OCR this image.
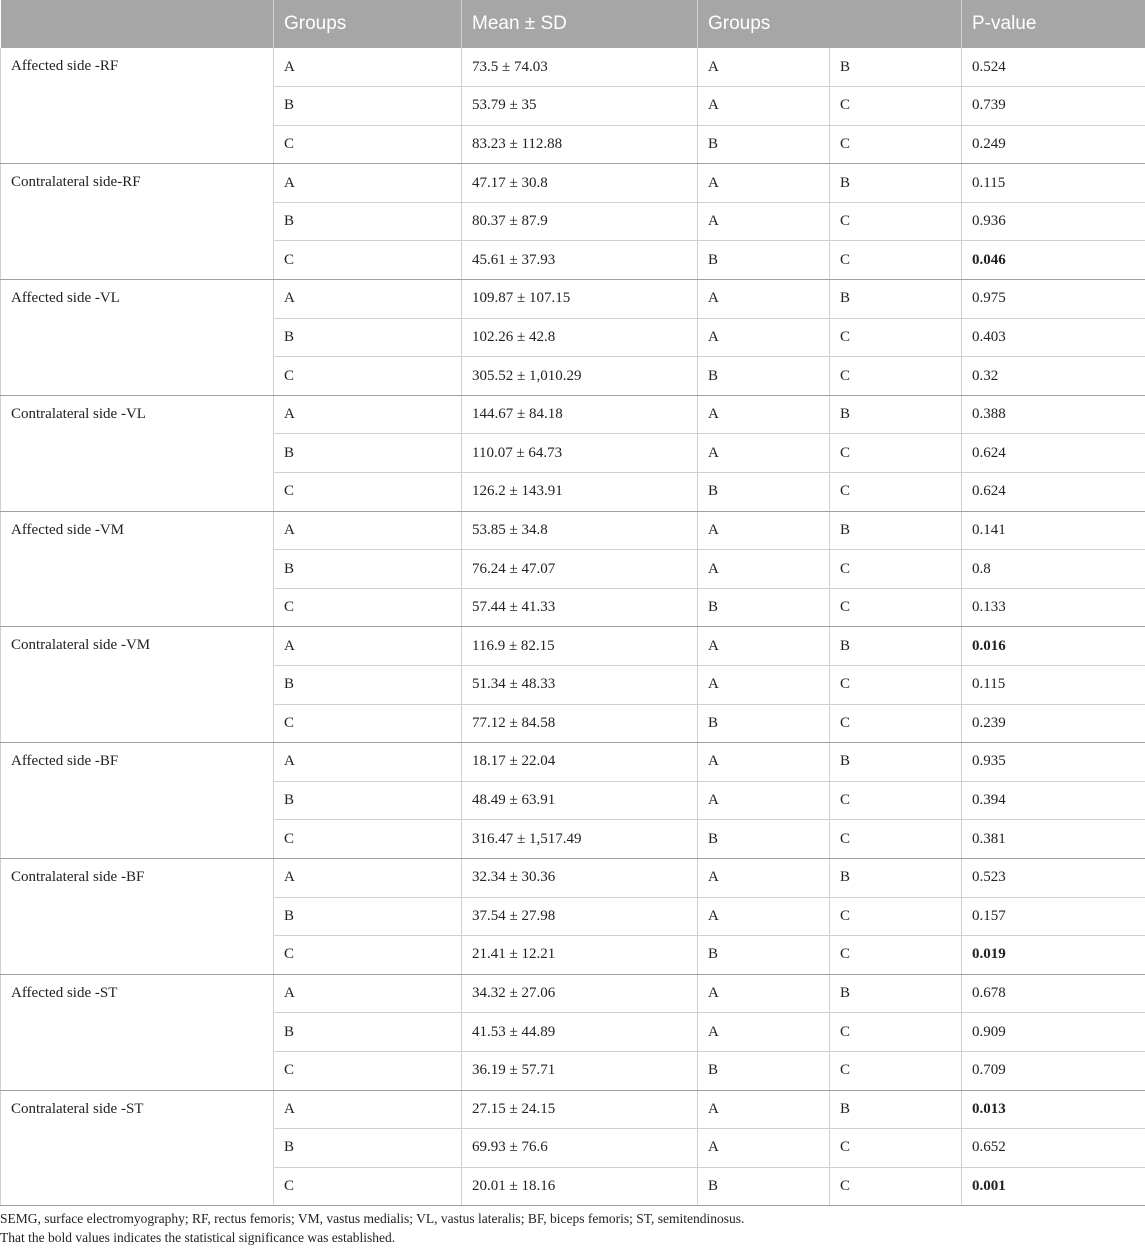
	Groups	Mean ± SD	Groups		P-value
Affected side -RF	A	73.5 ± 74.03	A	B	0.524
	B	53.79 ± 35	A	C	0.739
	C	83.23 ± 112.88	B	C	0.249
Contralateral side-RF	A	47.17 ± 30.8	A	B	0.115
	B	80.37 ± 87.9	A	C	0.936
	C	45.61 ± 37.93	B	C	0.046
Affected side -VL	A	109.87 ± 107.15	A	B	0.975
	B	102.26 ± 42.8	A	C	0.403
	C	305.52 ± 1,010.29	B	C	0.32
Contralateral side -VL	A	144.67 ± 84.18	A	B	0.388
	B	110.07 ± 64.73	A	C	0.624
	C	126.2 ± 143.91	B	C	0.624
Affected side -VM	A	53.85 ± 34.8	A	B	0.141
	B	76.24 ± 47.07	A	C	0.8
	C	57.44 ± 41.33	B	C	0.133
Contralateral side -VM	A	116.9 ± 82.15	A	B	0.016
	B	51.34 ± 48.33	A	C	0.115
	C	77.12 ± 84.58	B	C	0.239
Affected side -BF	A	18.17 ± 22.04	A	B	0.935
	B	48.49 ± 63.91	A	C	0.394
	C	316.47 ± 1,517.49	B	C	0.381
Contralateral side -BF	A	32.34 ± 30.36	A	B	0.523
	B	37.54 ± 27.98	A	C	0.157
	C	21.41 ± 12.21	B	C	0.019
Affected side -ST	A	34.32 ± 27.06	A	B	0.678
	B	41.53 ± 44.89	A	C	0.909
	C	36.19 ± 57.71	B	C	0.709
Contralateral side -ST	A	27.15 ± 24.15	A	B	0.013
	B	69.93 ± 76.6	A	C	0.652
	C	20.01 ± 18.16	B	C	0.001

SEMG, surface electromyography; RF, rectus femoris; VM, vastus medialis; VL, vastus lateralis; BF, biceps femoris; ST, semitendinosus.

That the bold values indicates the statistical significance was established.
